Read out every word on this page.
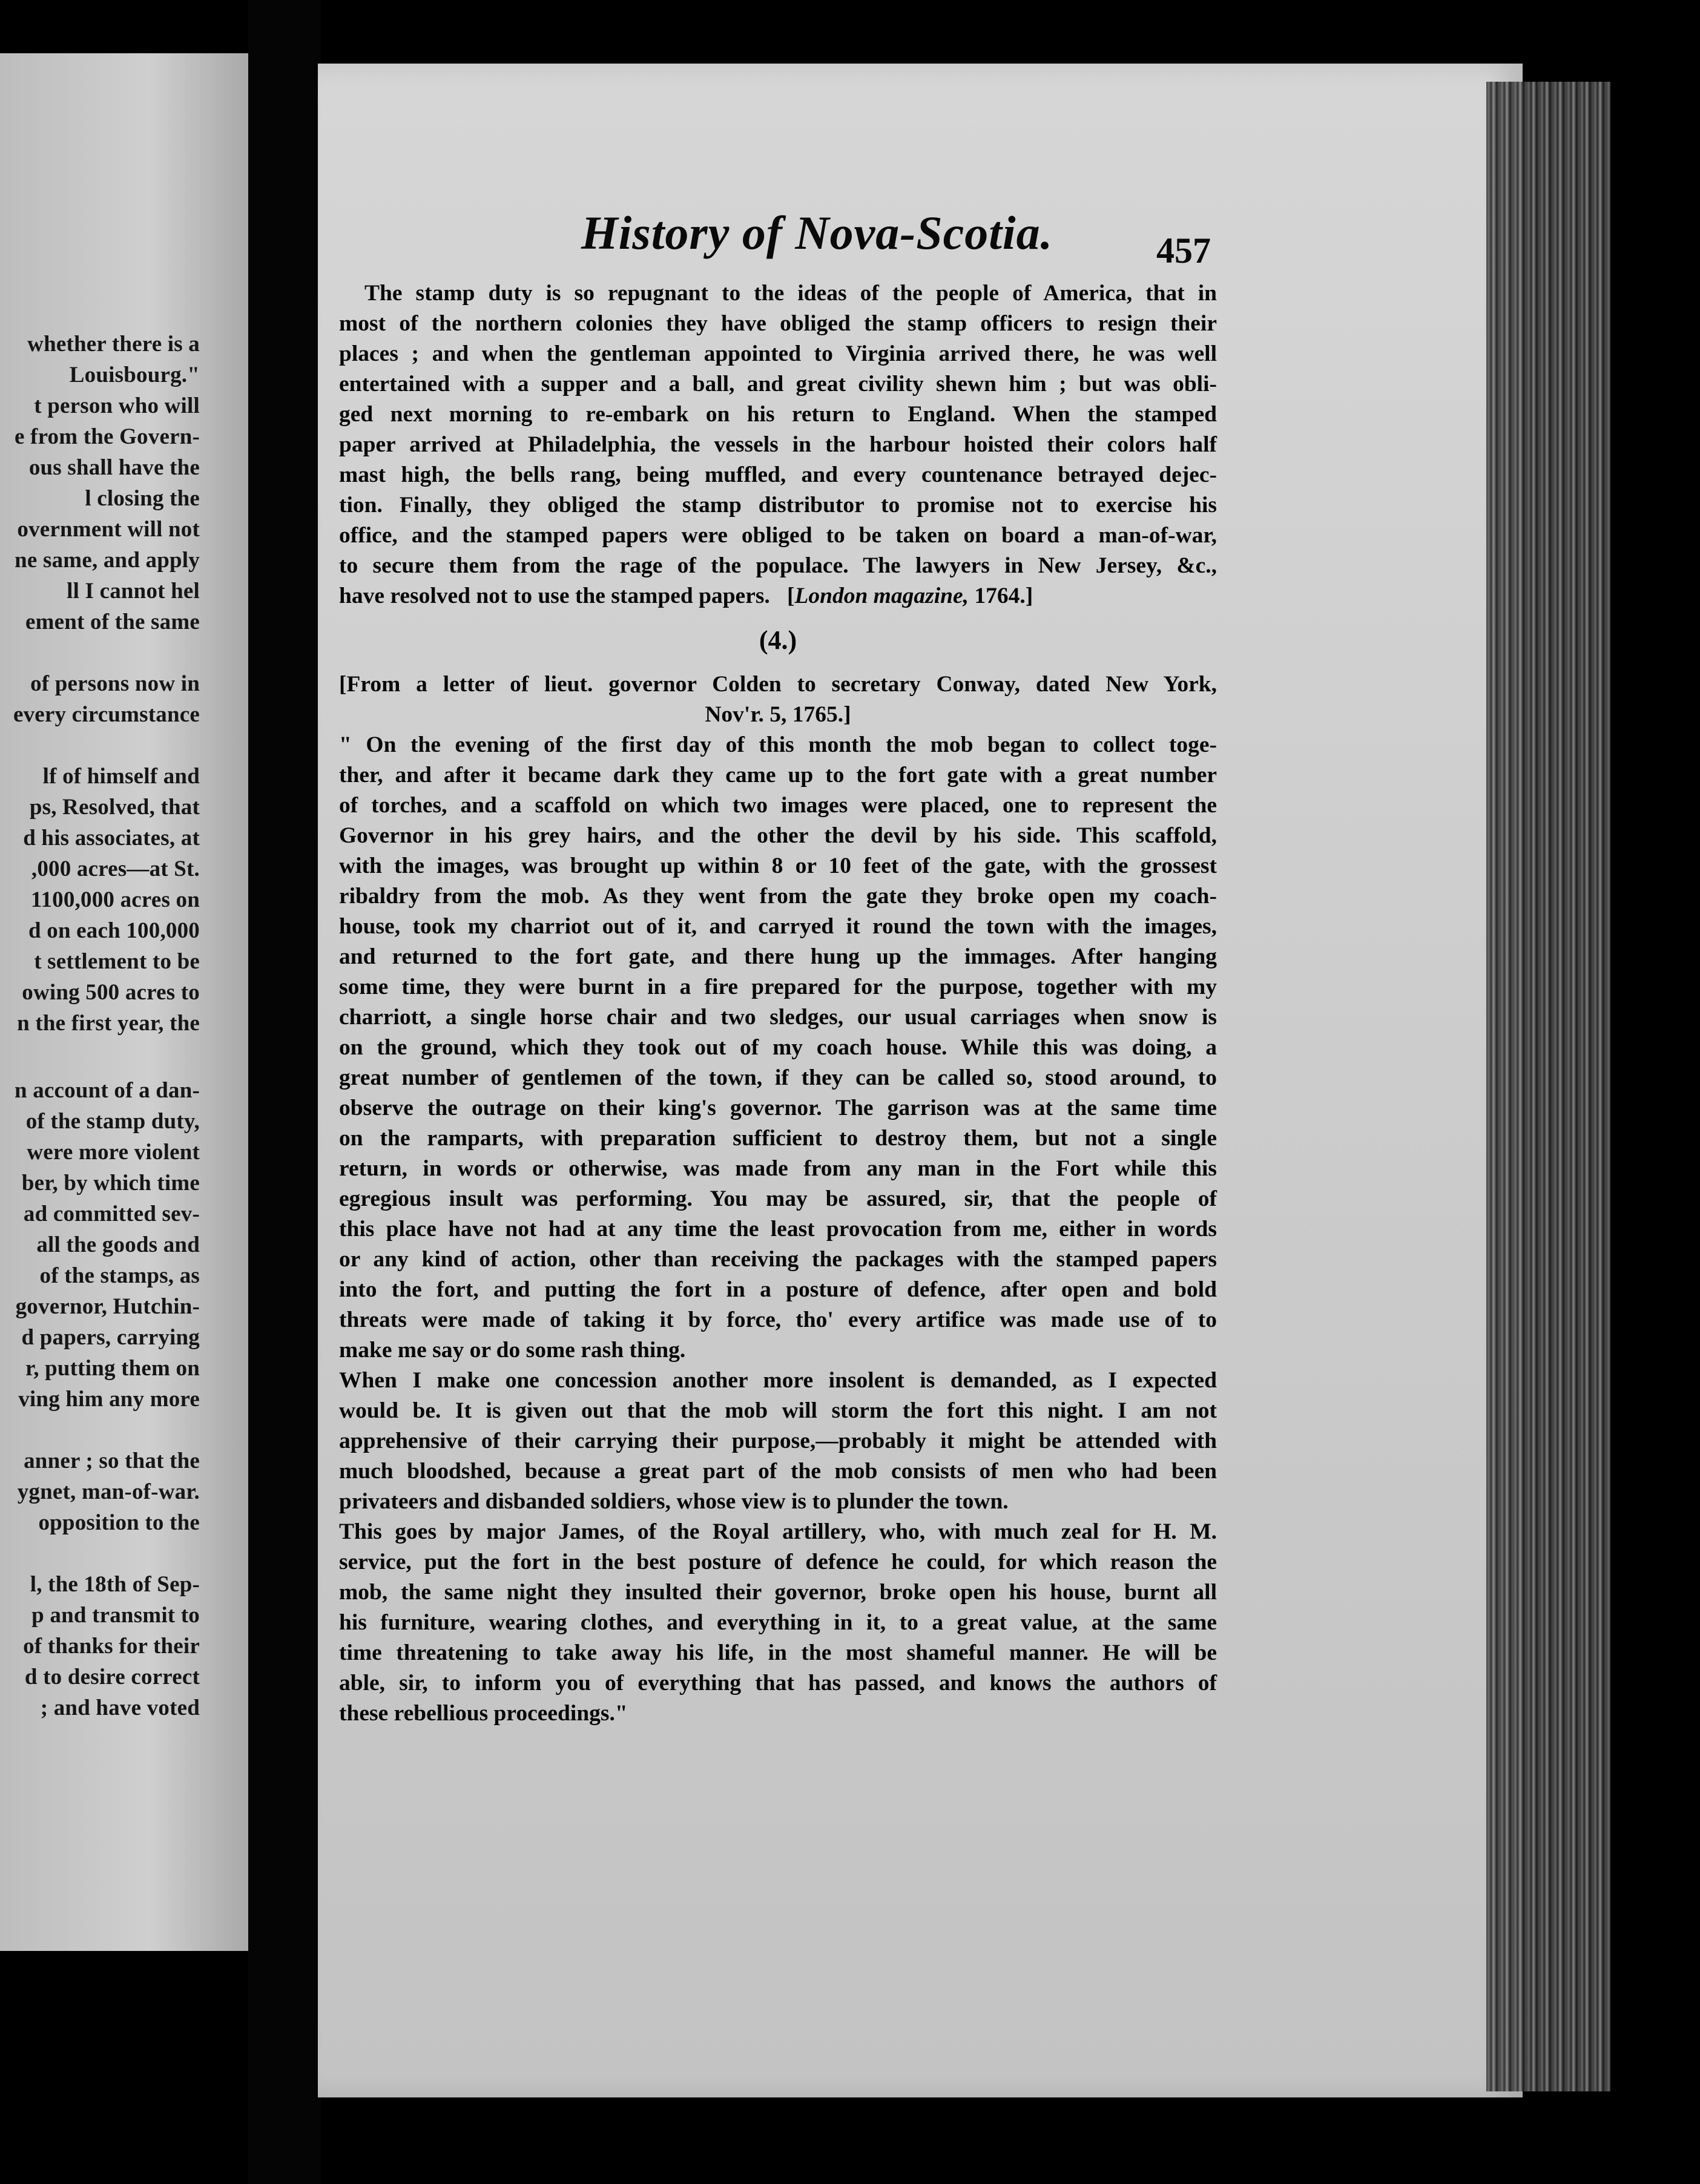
whether there is a
Louisbourg."
t person who will
e from the Govern-
ous shall have the
l closing the
overnment will not
ne same, and apply
ll I cannot hel
ement of the same
of persons now in
every circumstance
lf of himself and
ps, Resolved, that
d his associates, at
,000 acres—at St.
1100,000 acres on
d on each 100,000
t settlement to be
owing 500 acres to
n the first year, the
n account of a dan-
of the stamp duty,
were more violent
ber, by which time
ad committed sev-
all the goods and
of the stamps, as
governor, Hutchin-
d papers, carrying
r, putting them on
ving him any more
anner ; so that the
ygnet, man-of-war.
opposition to the
l, the 18th of Sep-
p and transmit to
of thanks for their
d to desire correct
; and have voted
History of Nova-Scotia.	457
The stamp duty is so repugnant to the ideas of the people of America, that in
most of the northern colonies they have obliged the stamp officers to resign their
places ; and when the gentleman appointed to Virginia arrived there, he was well
entertained with a supper and a ball, and great civility shewn him ; but was obli-
ged next morning to re-embark on his return to England. When the stamped
paper arrived at Philadelphia, the vessels in the harbour hoisted their colors half
mast high, the bells rang, being muffled, and every countenance betrayed dejec-
tion. Finally, they obliged the stamp distributor to promise not to exercise his
office, and the stamped papers were obliged to be taken on board a man-of-war,
to secure them from the rage of the populace. The lawyers in New Jersey, &c.,
have resolved not to use the stamped papers. [London magazine, 1764.]
(4.)
[From a letter of lieut. governor Colden to secretary Conway, dated New York,
Nov'r. 5, 1765.]
" On the evening of the first day of this month the mob began to collect toge-
ther, and after it became dark they came up to the fort gate with a great number
of torches, and a scaffold on which two images were placed, one to represent the
Governor in his grey hairs, and the other the devil by his side. This scaffold,
with the images, was brought up within 8 or 10 feet of the gate, with the grossest
ribaldry from the mob. As they went from the gate they broke open my coach-
house, took my charriot out of it, and carryed it round the town with the images,
and returned to the fort gate, and there hung up the immages. After hanging
some time, they were burnt in a fire prepared for the purpose, together with my
charriott, a single horse chair and two sledges, our usual carriages when snow is
on the ground, which they took out of my coach house. While this was doing, a
great number of gentlemen of the town, if they can be called so, stood around, to
observe the outrage on their king's governor. The garrison was at the same time
on the ramparts, with preparation sufficient to destroy them, but not a single
return, in words or otherwise, was made from any man in the Fort while this
egregious insult was performing. You may be assured, sir, that the people of
this place have not had at any time the least provocation from me, either in words
or any kind of action, other than receiving the packages with the stamped papers
into the fort, and putting the fort in a posture of defence, after open and bold
threats were made of taking it by force, tho' every artifice was made use of to
make me say or do some rash thing.
When I make one concession another more insolent is demanded, as I expected
would be. It is given out that the mob will storm the fort this night. I am not
apprehensive of their carrying their purpose,—probably it might be attended with
much bloodshed, because a great part of the mob consists of men who had been
privateers and disbanded soldiers, whose view is to plunder the town.
This goes by major James, of the Royal artillery, who, with much zeal for H. M.
service, put the fort in the best posture of defence he could, for which reason the
mob, the same night they insulted their governor, broke open his house, burnt all
his furniture, wearing clothes, and everything in it, to a great value, at the same
time threatening to take away his life, in the most shameful manner. He will be
able, sir, to inform you of everything that has passed, and knows the authors of
these rebellious proceedings."
